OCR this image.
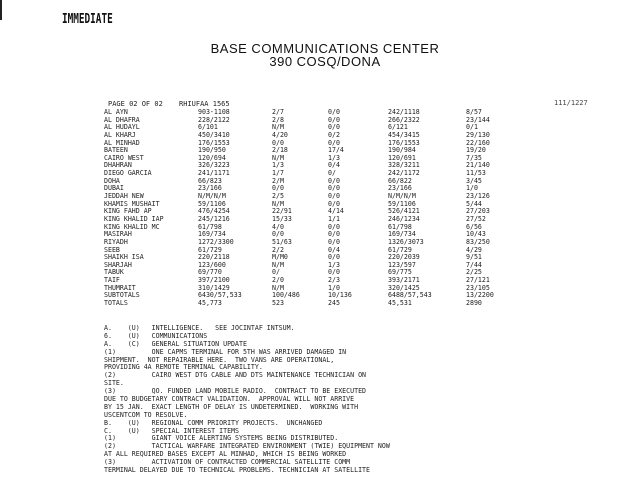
IMMEDIATE
BASE COMMUNICATIONS CENTER
390 COSQ/DONA
PAGE 02 OF 02 RHIUFAA 1565	111/1227
AL AYN	903-1108	2/7	0/0	242/1118	8/57
AL DHAFRA	228/2122	2/8	0/0	266/2322	23/144
AL HUDAYL	6/101	N/M	0/0	6/121	0/1
AL KHARJ	450/3410	4/20	0/2	454/3415	29/130
AL MINHAD	176/1553	0/0	0/0	176/1553	22/160
BATEEN	190/950	2/18	17/4	190/984	19/20
CAIRO WEST	120/694	N/M	1/3	120/691	7/35
DHAHRAN	326/3223	1/3	0/4	328/3211	21/140
DIEGO GARCIA	241/1171	1/7	0/	242/1172	11/53
DOHA	66/823	2/M	0/0	66/822	3/45
DUBAI	23/166	0/0	0/0	23/166	1/0
JEDDAH NEW	N/M/N/M	2/5	0/0	N/M/N/M	23/126
KHAMIS MUSHAIT	59/1106	N/M	0/0	59/1106	5/44
KING FAHD AP	476/4254	22/91	4/14	526/4121	27/203
KING KHALID IAP	245/1216	15/33	1/1	246/1234	27/52
KING KHALID MC	61/798	4/0	0/0	61/798	6/56
MASIRAH	169/734	0/0	0/0	169/734	10/43
RIYADH	1272/3300	51/63	0/0	1326/3073	83/250
SEEB	61/729	2/2	0/4	61/729	4/29
SHAIKH ISA	220/2118	M/M0	0/0	220/2039	9/51
SHARJAH	123/600	N/M	1/3	123/597	7/44
TABUK	69/770	0/	0/0	69/775	2/25
TAIF	397/2100	2/0	2/3	393/2171	27/121
THUMRAIT	310/1429	N/M	1/0	320/1425	23/105
SUBTOTALS	6430/57,533	100/486	10/136	6488/57,543	13/2200
TOTALS	45,773	523	245	45,531	2890
A.    (U)   INTELLIGENCE.   SEE JOCINTAF INTSUM.
6.    (U)   COMMUNICATIONS
A.    (C)   GENERAL SITUATION UPDATE
(1)         ONE CAPMS TERMINAL FOR 5TH WAS ARRIVED DAMAGED IN
SHIPMENT.  NOT REPAIRABLE HERE.  TWO VANS ARE OPERATIONAL,
PROVIDING 4A REMOTE TERMINAL CAPABILITY.
(2)         CAIRO WEST DTG CABLE AND DTS MAINTENANCE TECHNICIAN ON
SITE.
(3)         QO. FUNDED LAND MOBILE RADIO.  CONTRACT TO BE EXECUTED
DUE TO BUDGETARY CONTRACT VALIDATION.  APPROVAL WILL NOT ARRIVE
BY 15 JAN.  EXACT LENGTH OF DELAY IS UNDETERMINED.  WORKING WITH
USCENTCOM TO RESOLVE.
B.    (U)   REGIONAL COMM PRIORITY PROJECTS.  UNCHANGED
C.    (U)   SPECIAL INTEREST ITEMS
(1)         GIANT VOICE ALERTING SYSTEMS BEING DISTRIBUTED.
(2)         TACTICAL WARFARE INTEGRATED ENVIRONMENT (TWIE) EQUIPMENT NOW
AT ALL REQUIRED BASES EXCEPT AL MINHAD, WHICH IS BEING WORKED
(3)         ACTIVATION OF CONTRACTED COMMERCIAL SATELLITE COMM
TERMINAL DELAYED DUE TO TECHNICAL PROBLEMS. TECHNICIAN AT SATELLITE
